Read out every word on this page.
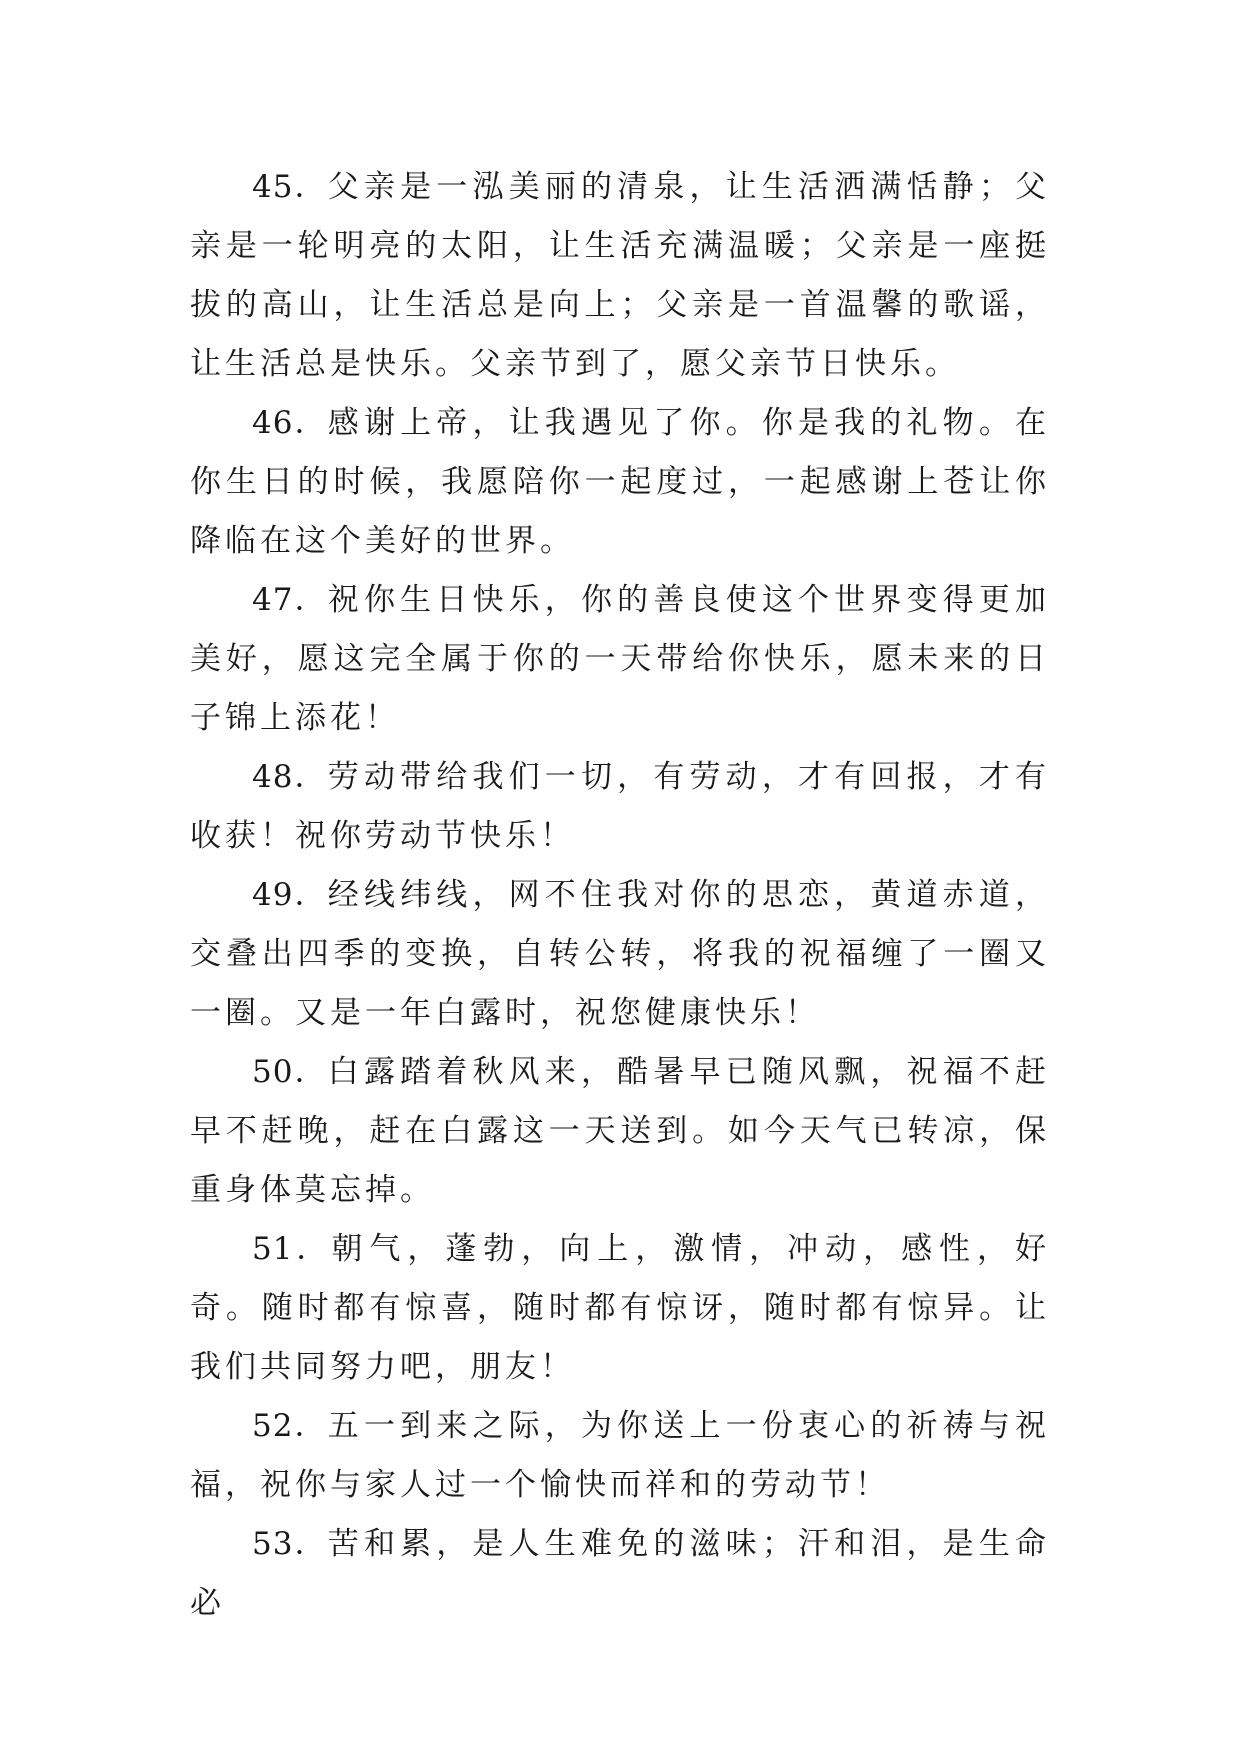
45．父亲是一泓美丽的清泉，让生活洒满恬静；父亲是一轮明亮的太阳，让生活充满温暖；父亲是一座挺拔的高山，让生活总是向上；父亲是一首温馨的歌谣，让生活总是快乐。父亲节到了，愿父亲节日快乐。

46．感谢上帝，让我遇见了你。你是我的礼物。在你生日的时候，我愿陪你一起度过，一起感谢上苍让你降临在这个美好的世界。

47．祝你生日快乐，你的善良使这个世界变得更加美好，愿这完全属于你的一天带给你快乐，愿未来的日子锦上添花！

48．劳动带给我们一切，有劳动，才有回报，才有收获！祝你劳动节快乐！

49．经线纬线，网不住我对你的思恋，黄道赤道，交叠出四季的变换，自转公转，将我的祝福缠了一圈又一圈。又是一年白露时，祝您健康快乐！

50．白露踏着秋风来，酷暑早已随风飘，祝福不赶早不赶晚，赶在白露这一天送到。如今天气已转凉，保重身体莫忘掉。

51．朝气，蓬勃，向上，激情，冲动，感性，好奇。随时都有惊喜，随时都有惊讶，随时都有惊异。让我们共同努力吧，朋友！

52．五一到来之际，为你送上一份衷心的祈祷与祝福，祝你与家人过一个愉快而祥和的劳动节！

53．苦和累，是人生难免的滋味；汗和泪，是生命必
